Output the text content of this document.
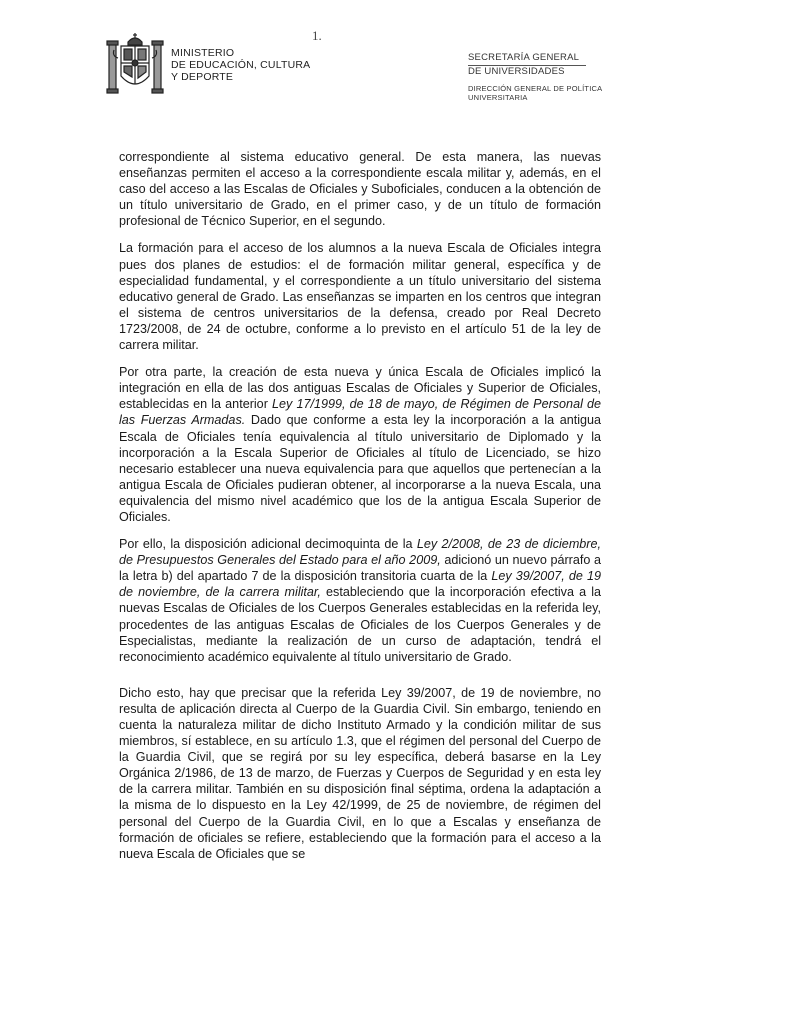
1.
MINISTERIO
DE EDUCACIÓN, CULTURA
Y DEPORTE
SECRETARÍA GENERAL
DE UNIVERSIDADES
DIRECCIÓN GENERAL DE POLÍTICA
UNIVERSITARIA

correspondiente al sistema educativo general. De esta manera, las nuevas enseñanzas permiten el acceso a la correspondiente escala militar y, además, en el caso del acceso a las Escalas de Oficiales y Suboficiales, conducen a la obtención de un título universitario de Grado, en el primer caso, y de un título de formación profesional de Técnico Superior, en el segundo.

La formación para el acceso de los alumnos a la nueva Escala de Oficiales integra pues dos planes de estudios: el de formación militar general, específica y de especialidad fundamental, y el correspondiente a un título universitario del sistema educativo general de Grado. Las enseñanzas se imparten en los centros que integran el sistema de centros universitarios de la defensa, creado por Real Decreto 1723/2008, de 24 de octubre, conforme a lo previsto en el artículo 51 de la ley de carrera militar.

Por otra parte, la creación de esta nueva y única Escala de Oficiales implicó la integración en ella de las dos antiguas Escalas de Oficiales y Superior de Oficiales, establecidas en la anterior Ley 17/1999, de 18 de mayo, de Régimen de Personal de las Fuerzas Armadas. Dado que conforme a esta ley la incorporación a la antigua Escala de Oficiales tenía equivalencia al título universitario de Diplomado y la incorporación a la Escala Superior de Oficiales al título de Licenciado, se hizo necesario establecer una nueva equivalencia para que aquellos que pertenecían a la antigua Escala de Oficiales pudieran obtener, al incorporarse a la nueva Escala, una equivalencia del mismo nivel académico que los de la antigua Escala Superior de Oficiales.

Por ello, la disposición adicional decimoquinta de la Ley 2/2008, de 23 de diciembre, de Presupuestos Generales del Estado para el año 2009, adicionó un nuevo párrafo a la letra b) del apartado 7 de la disposición transitoria cuarta de la Ley 39/2007, de 19 de noviembre, de la carrera militar, estableciendo que la incorporación efectiva a la nuevas Escalas de Oficiales de los Cuerpos Generales establecidas en la referida ley, procedentes de las antiguas Escalas de Oficiales de los Cuerpos Generales y de Especialistas, mediante la realización de un curso de adaptación, tendrá el reconocimiento académico equivalente al título universitario de Grado.

Dicho esto, hay que precisar que la referida Ley 39/2007, de 19 de noviembre, no resulta de aplicación directa al Cuerpo de la Guardia Civil. Sin embargo, teniendo en cuenta la naturaleza militar de dicho Instituto Armado y la condición militar de sus miembros, sí establece, en su artículo 1.3, que el régimen del personal del Cuerpo de la Guardia Civil, que se regirá por su ley específica, deberá basarse en la Ley Orgánica 2/1986, de 13 de marzo, de Fuerzas y Cuerpos de Seguridad y en esta ley de la carrera militar. También en su disposición final séptima, ordena la adaptación a la misma de lo dispuesto en la Ley 42/1999, de 25 de noviembre, de régimen del personal del Cuerpo de la Guardia Civil, en lo que a Escalas y enseñanza de formación de oficiales se refiere, estableciendo que la formación para el acceso a la nueva Escala de Oficiales que se
